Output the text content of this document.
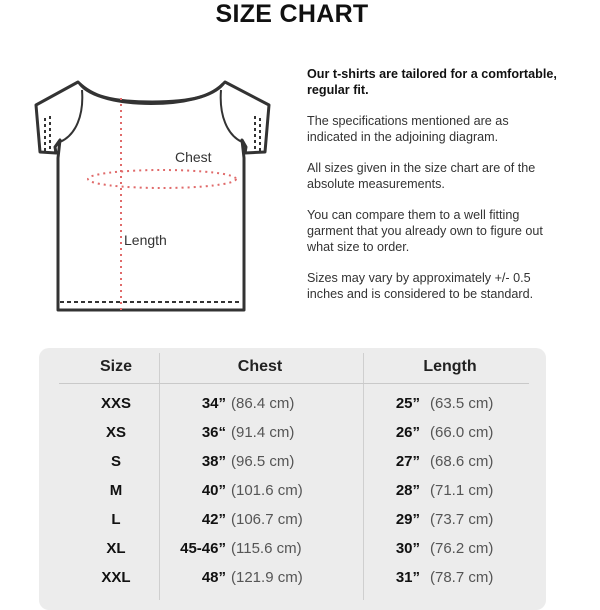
SIZE CHART
Chest
Length

Our t-shirts are tailored for a comfortable, regular fit.

The specifications mentioned are as indicated in the adjoining diagram.

All sizes given in the size chart are of the absolute measurements.

You can compare them to a well fitting garment that you already own to figure out what size to order.

Sizes may vary by approximately +/- 0.5 inches and is considered to be standard.

Size	Chest	Length
XXS	34” (86.4 cm)	25” (63.5 cm)
XS	36“ (91.4 cm)	26” (66.0 cm)
S	38” (96.5 cm)	27” (68.6 cm)
M	40” (101.6 cm)	28” (71.1 cm)
L	42” (106.7 cm)	29” (73.7 cm)
XL	45-46” (115.6 cm)	30” (76.2 cm)
XXL	48” (121.9 cm)	31” (78.7 cm)
